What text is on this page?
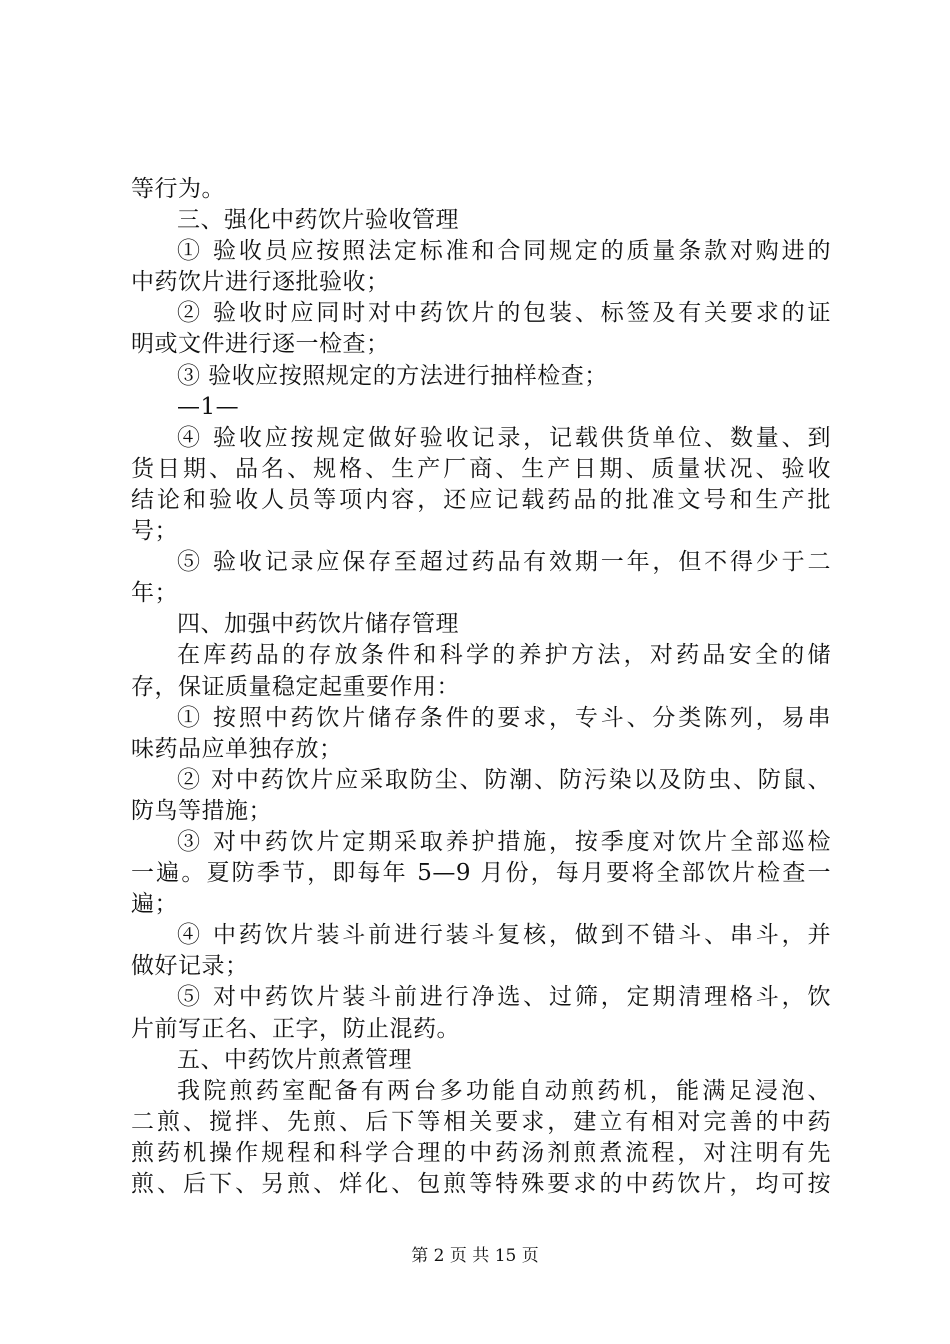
等行为。
三、强化中药饮片验收管理
① 验收员应按照法定标准和合同规定的质量条款对购进的
中药饮片进行逐批验收；
② 验收时应同时对中药饮片的包装、标签及有关要求的证
明或文件进行逐一检查；
③ 验收应按照规定的方法进行抽样检查；
—1—
④ 验收应按规定做好验收记录，记载供货单位、数量、到
货日期、品名、规格、生产厂商、生产日期、质量状况、验收
结论和验收人员等项内容，还应记载药品的批准文号和生产批
号；
⑤ 验收记录应保存至超过药品有效期一年，但不得少于二
年；
四、加强中药饮片储存管理
在库药品的存放条件和科学的养护方法，对药品安全的储
存，保证质量稳定起重要作用：
① 按照中药饮片储存条件的要求，专斗、分类陈列，易串
味药品应单独存放；
② 对中药饮片应采取防尘、防潮、防污染以及防虫、防鼠、
防鸟等措施；
③ 对中药饮片定期采取养护措施，按季度对饮片全部巡检
一遍。夏防季节，即每年 5—9 月份，每月要将全部饮片检查一
遍；
④ 中药饮片装斗前进行装斗复核，做到不错斗、串斗，并
做好记录；
⑤ 对中药饮片装斗前进行净选、过筛，定期清理格斗，饮
片前写正名、正字，防止混药。
五、中药饮片煎煮管理
我院煎药室配备有两台多功能自动煎药机，能满足浸泡、
二煎、搅拌、先煎、后下等相关要求，建立有相对完善的中药
煎药机操作规程和科学合理的中药汤剂煎煮流程，对注明有先
煎、后下、另煎、烊化、包煎等特殊要求的中药饮片，均可按
第 2 页 共 15 页
